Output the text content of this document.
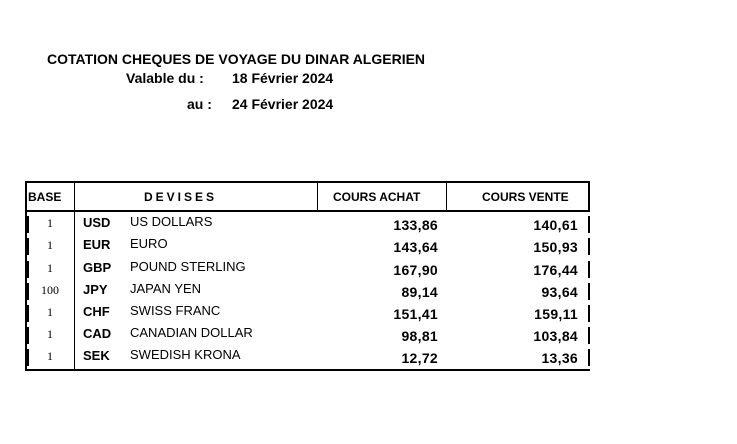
COTATION CHEQUES DE VOYAGE DU DINAR ALGERIEN
Valable du : 18 Février 2024
au : 24 Février 2024
BASE	DEVISES	COURS ACHAT	COURS VENTE
1	USD US DOLLARS	133,86	140,61
1	EUR EURO	143,64	150,93
1	GBP POUND STERLING	167,90	176,44
100	JPY JAPAN YEN	89,14	93,64
1	CHF SWISS FRANC	151,41	159,11
1	CAD CANADIAN DOLLAR	98,81	103,84
1	SEK SWEDISH KRONA	12,72	13,36
